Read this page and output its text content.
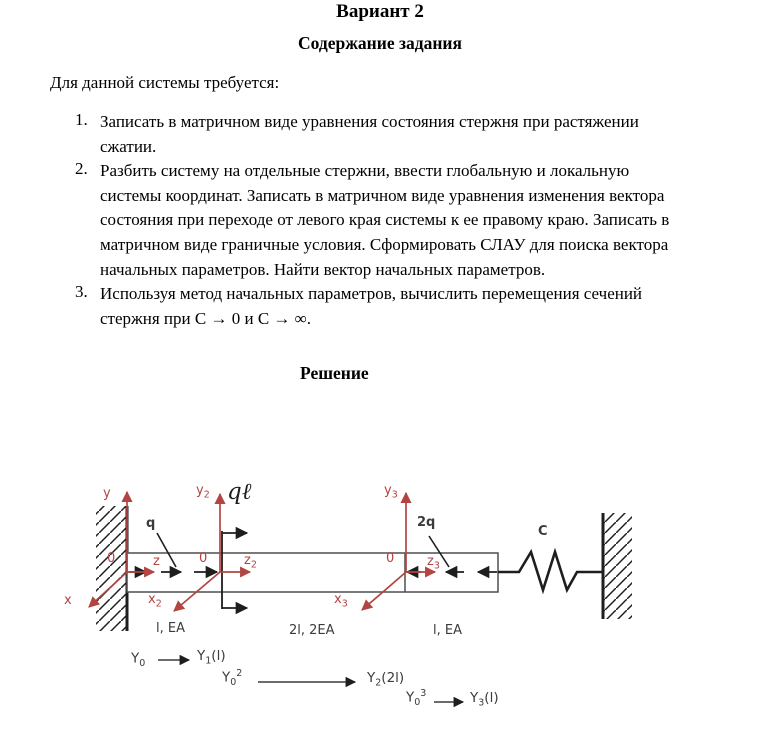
Вариант 2
Содержание задания

Для данной системы требуется:

1. Записать в матричном виде уравнения состояния стержня при растяжении сжатии.
2. Разбить систему на отдельные стержни, ввести глобальную и локальную системы координат. Записать в матричном виде уравнения изменения вектора состояния при переходе от левого края системы к ее правому краю. Записать в матричном виде граничные условия. Сформировать СЛАУ для поиска вектора начальных параметров. Найти вектор начальных параметров.
3. Используя метод начальных параметров, вычислить перемещения сечений стержня при С → 0 и С → ∞.
Решение
y
z
x
0
$y_2$
$z_2$
$x_2$
0
$y_3$
$z_3$
$x_3$
0
q	2q
qℓ
C
l, EA	2l, 2EA	l, EA
$Y_0$	$Y_1(l)$
$Y_0^2$	$Y_2(2l)$
$Y_0^3$	$Y_3(l)$
